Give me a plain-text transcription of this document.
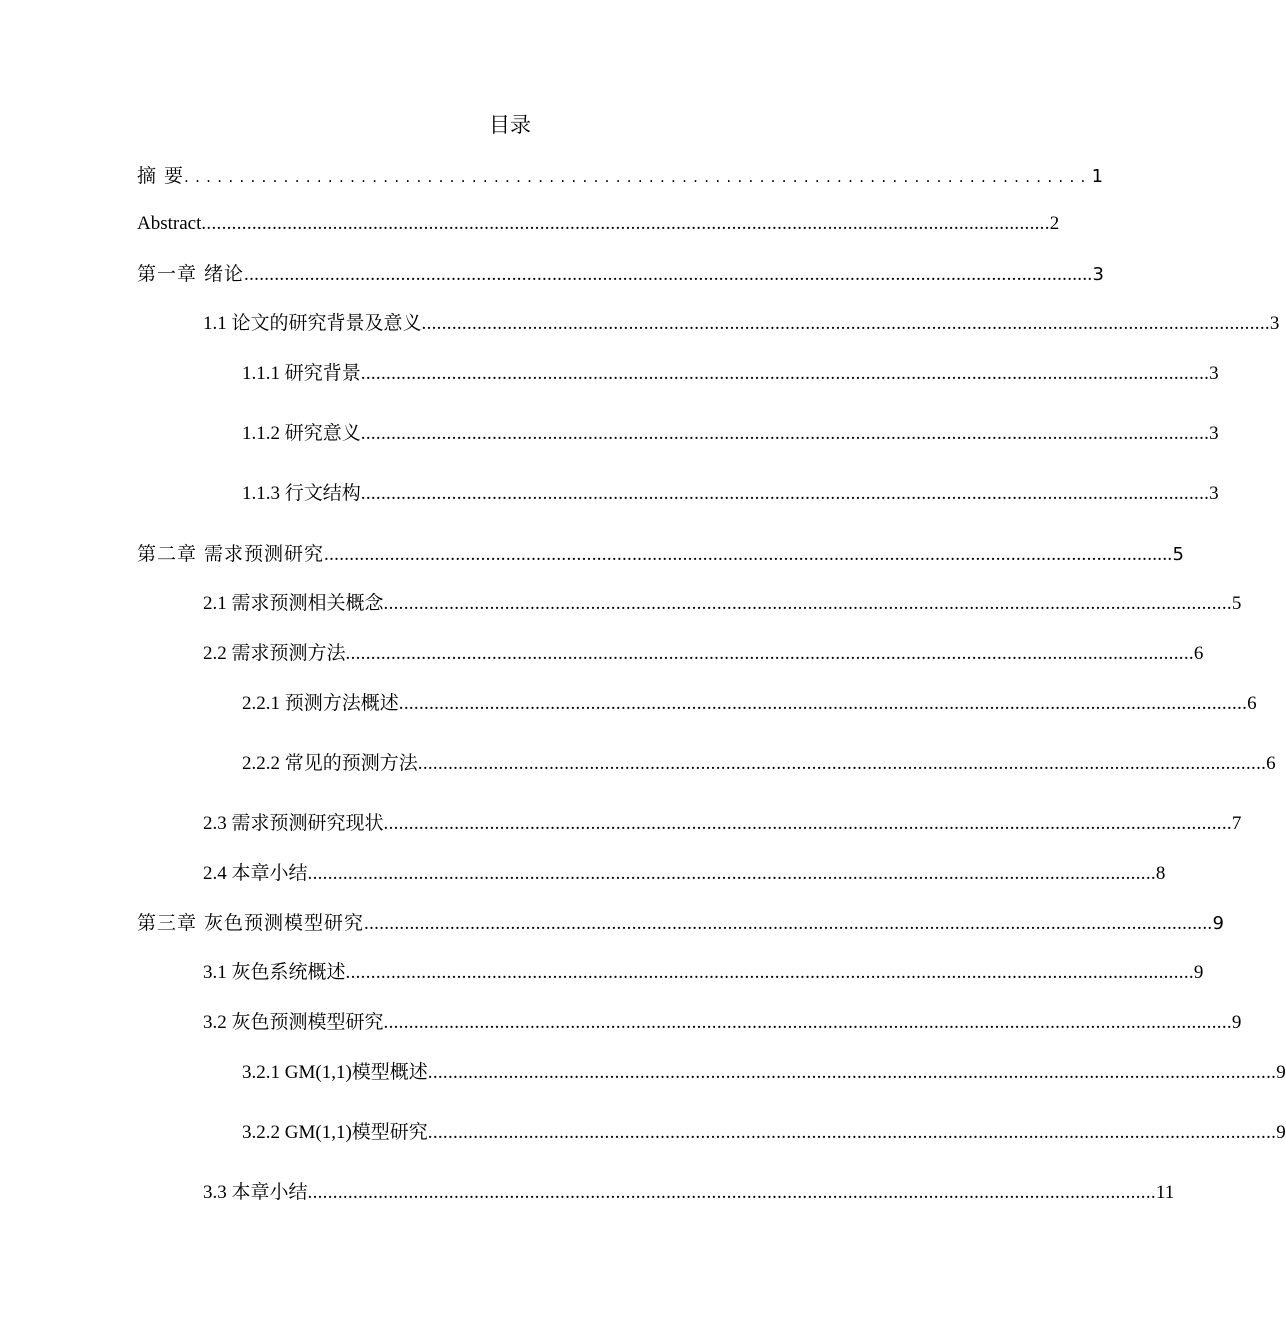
目录
摘 要 .................................................................................. 1
Abstract ........................................................................................................................................................................ 2
第一章 绪论 ........................................................................................................................................................................ 3
1.1 论文的研究背景及意义 ........................................................................................................................................................................ 3
1.1.1 研究背景 ........................................................................................................................................................................ 3
1.1.2 研究意义 ........................................................................................................................................................................ 3
1.1.3 行文结构 ........................................................................................................................................................................ 3
第二章 需求预测研究 ........................................................................................................................................................................ 5
2.1 需求预测相关概念 ........................................................................................................................................................................ 5
2.2 需求预测方法 ........................................................................................................................................................................ 6
2.2.1 预测方法概述 ........................................................................................................................................................................ 6
2.2.2 常见的预测方法 ........................................................................................................................................................................ 6
2.3 需求预测研究现状 ........................................................................................................................................................................ 7
2.4 本章小结 ........................................................................................................................................................................ 8
第三章 灰色预测模型研究 ........................................................................................................................................................................ 9
3.1 灰色系统概述 ........................................................................................................................................................................ 9
3.2 灰色预测模型研究 ........................................................................................................................................................................ 9
3.2.1 GM(1,1)模型概述 ........................................................................................................................................................................ 9
3.2.2 GM(1,1)模型研究 ........................................................................................................................................................................ 9
3.3 本章小结 ........................................................................................................................................................................ 11
